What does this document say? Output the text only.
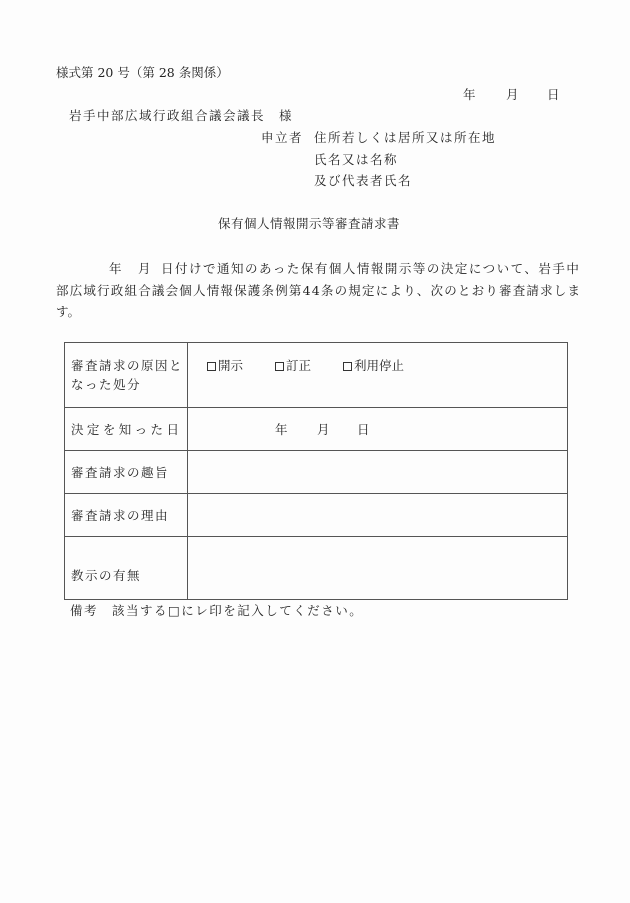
様式第 20 号（第 28 条関係）
年 月 日
岩手中部広域行政組合議会議長　様
申立者 住所若しくは居所又は所在地
氏名又は名称
及び代表者氏名
保有個人情報開示等審査請求書
年 月 日付けで通知のあった保有個人情報開示等の決定について、岩手中
部広域行政組合議会個人情報保護条例第44条の規定により、次のとおり審査請求しま
す。
審査請求の原因と
なった処分
開示	訂正	利用停止
決 定 を 知 っ た 日	年 月 日
審査請求の趣旨
審査請求の理由
教示の有無
備考　該当する□にレ印を記入してください。
